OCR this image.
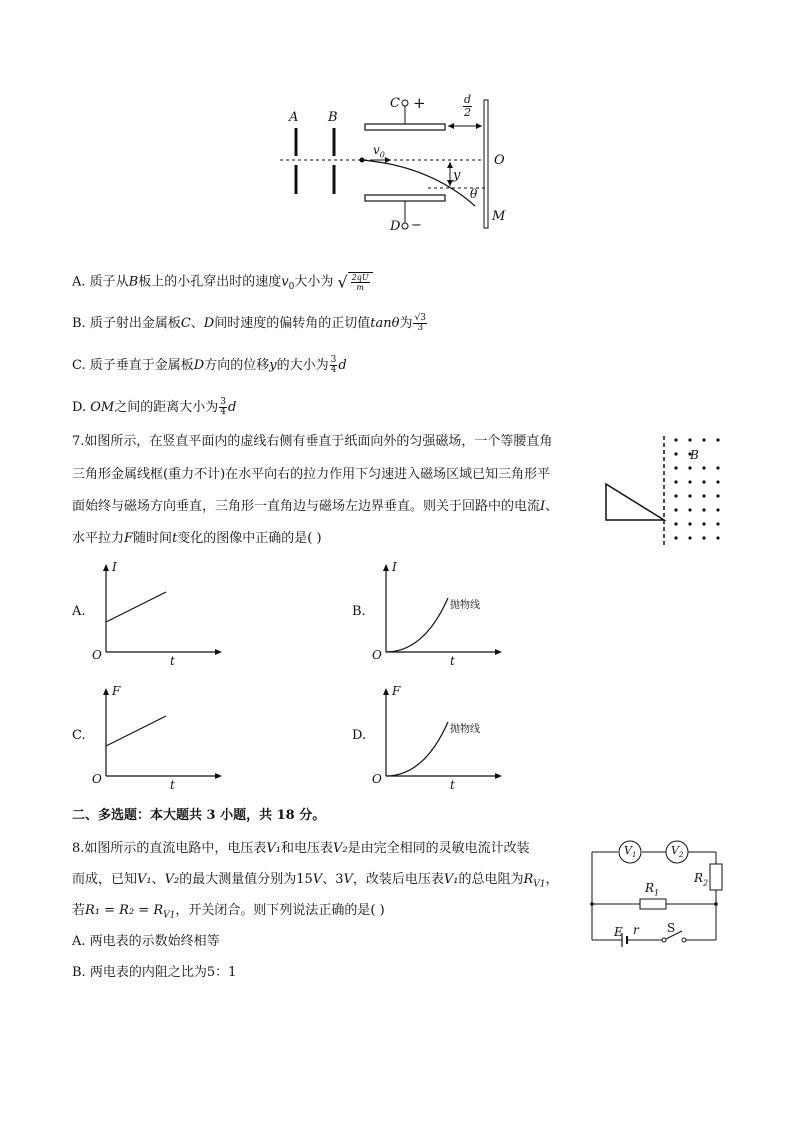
A B
C +
D −
O
M
$v_0$
y
θ
$\frac{d}{2}$
A. 质子从B板上的小孔穿出时的速度$v_0$大小为 √ $\frac{2qU}{m}$
B. 质子射出金属板C、D间时速度的偏转角的正切值tanθ为 $\frac{√3}{3}$
C. 质子垂直于金属板D方向的位移y的大小为 $\frac{3}{4}$ d
D. OM之间的距离大小为 $\frac{3}{4}$ d
7.如图所示，在竖直平面内的虚线右侧有垂直于纸面向外的匀强磁场，一个等腰直角
三角形金属线框(重力不计)在水平向右的拉力作用下匀速进入磁场区域已知三角形平
面始终与磁场方向垂直，三角形一直角边与磁场左边界垂直。则关于回路中的电流I、
水平拉力F随时间t变化的图像中正确的是( )
B
A.
I
t
O
B.
I
t
O
抛物线
C.
F
t
O
D.
F
t
O
抛物线
二、多选题：本大题共 3 小题，共 18 分。
8.如图所示的直流电路中，电压表V₁和电压表V₂是由完全相同的灵敏电流计改装
而成，已知V₁、V₂的最大测量值分别为15V、3V，改装后电压表V₁的总电阻为$R_{V1}$，
若$R_1 = R_2 = R_{V1}$，开关闭合。则下列说法正确的是( )
A. 两电表的示数始终相等
B. 两电表的内阻之比为5：1
$V_1$	$V_2$
$R_1$
$R_2$
E r S
